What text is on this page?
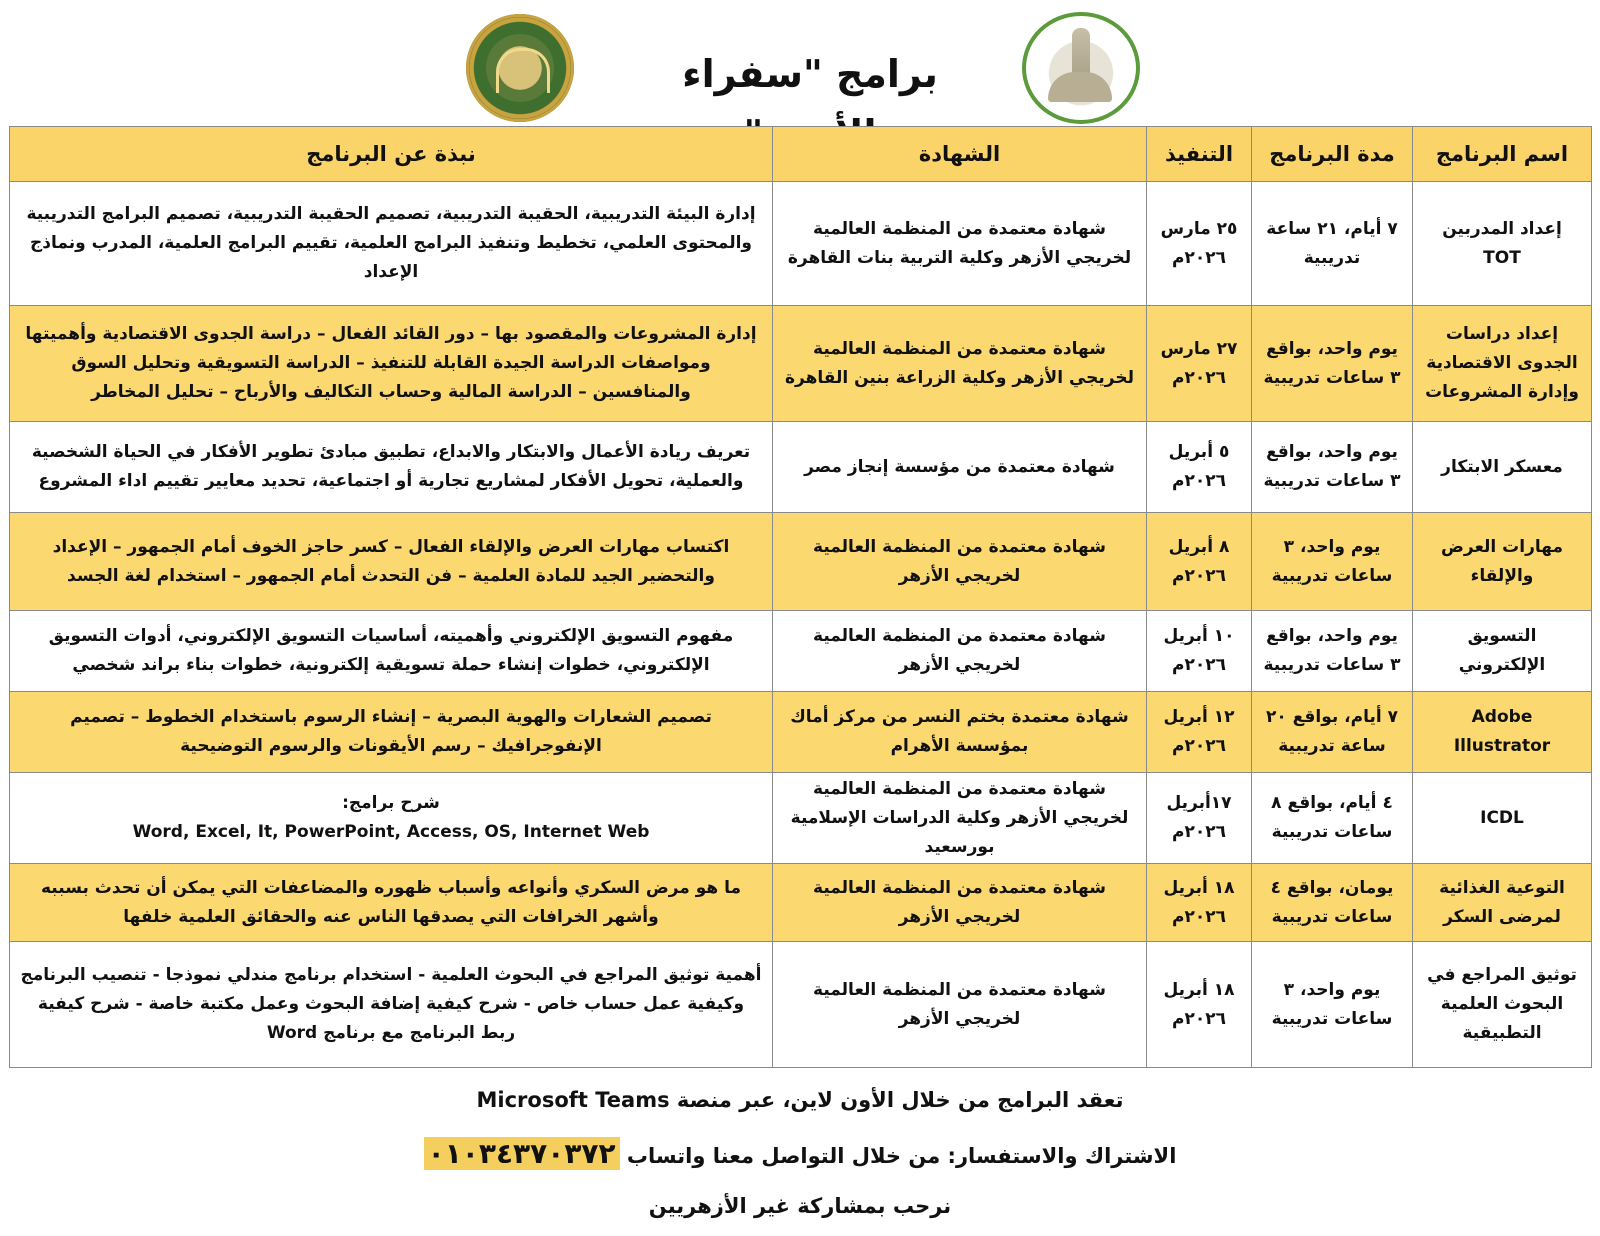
برامج "سفراء
اسم البرنامج	مدة البرنامج	التنفيذ	الشهادة	نبذة عن البرنامج
إعداد المدربين TOT	٧ أيام، ٢١ ساعة تدريبية	٢٥ مارس ٢٠٢٦م	شهادة معتمدة من المنظمة العالمية لخريجي الأزهر وكلية التربية بنات القاهرة	إدارة البيئة التدريبية، الحقيبة التدريبية، تصميم الحقيبة التدريبية، تصميم البرامج التدريبية والمحتوى العلمي، تخطيط وتنفيذ البرامج العلمية، تقييم البرامج العلمية، المدرب ونماذج الإعداد
إعداد دراسات الجدوى الاقتصادية وإدارة المشروعات	يوم واحد، بواقع ٣ ساعات تدريبية	٢٧ مارس ٢٠٢٦م	شهادة معتمدة من المنظمة العالمية لخريجي الأزهر وكلية الزراعة بنين القاهرة	إدارة المشروعات والمقصود بها – دور القائد الفعال – دراسة الجدوى الاقتصادية وأهميتها ومواصفات الدراسة الجيدة القابلة للتنفيذ – الدراسة التسويقية وتحليل السوق والمنافسين – الدراسة المالية وحساب التكاليف والأرباح – تحليل المخاطر
معسكر الابتكار	يوم واحد، بواقع ٣ ساعات تدريبية	٥ أبريل ٢٠٢٦م	شهادة معتمدة من مؤسسة إنجاز مصر	تعريف ريادة الأعمال والابتكار والابداع، تطبيق مبادئ تطوير الأفكار في الحياة الشخصية والعملية، تحويل الأفكار لمشاريع تجارية أو اجتماعية، تحديد معايير تقييم اداء المشروع
مهارات العرض والإلقاء	يوم واحد، ٣ ساعات تدريبية	٨ أبريل ٢٠٢٦م	شهادة معتمدة من المنظمة العالمية لخريجي الأزهر	اكتساب مهارات العرض والإلقاء الفعال – كسر حاجز الخوف أمام الجمهور – الإعداد والتحضير الجيد للمادة العلمية – فن التحدث أمام الجمهور – استخدام لغة الجسد
التسويق الإلكتروني	يوم واحد، بواقع ٣ ساعات تدريبية	١٠ أبريل ٢٠٢٦م	شهادة معتمدة من المنظمة العالمية لخريجي الأزهر	مفهوم التسويق الإلكتروني وأهميته، أساسيات التسويق الإلكتروني، أدوات التسويق الإلكتروني، خطوات إنشاء حملة تسويقية إلكترونية، خطوات بناء براند شخصي
Adobe Illustrator	٧ أيام، بواقع ٢٠ ساعة تدريبية	١٢ أبريل ٢٠٢٦م	شهادة معتمدة بختم النسر من مركز أماك بمؤسسة الأهرام	تصميم الشعارات والهوية البصرية – إنشاء الرسوم باستخدام الخطوط – تصميم الإنفوجرافيك – رسم الأيقونات والرسوم التوضيحية
ICDL	٤ أيام، بواقع ٨ ساعات تدريبية	١٧أبريل ٢٠٢٦م	شهادة معتمدة من المنظمة العالمية لخريجي الأزهر وكلية الدراسات الإسلامية بورسعيد	شرح برامج:
Word, Excel, It, PowerPoint, Access, OS, Internet Web

التوعية الغذائية لمرضى السكر	يومان، بواقع ٤ ساعات تدريبية	١٨ أبريل ٢٠٢٦م	شهادة معتمدة من المنظمة العالمية لخريجي الأزهر	ما هو مرض السكري وأنواعه وأسباب ظهوره والمضاعفات التي يمكن أن تحدث بسببه وأشهر الخرافات التي يصدقها الناس عنه والحقائق العلمية خلفها
توثيق المراجع في البحوث العلمية التطبيقية	يوم واحد، ٣ ساعات تدريبية	١٨ أبريل ٢٠٢٦م	شهادة معتمدة من المنظمة العالمية لخريجي الأزهر	أهمية توثيق المراجع في البحوث العلمية - استخدام برنامج مندلي نموذجا - تنصيب البرنامج وكيفية عمل حساب خاص - شرح كيفية إضافة البحوث وعمل مكتبة خاصة - شرح كيفية ربط البرنامج مع برنامج Word
تعقد البرامج من خلال الأون لاين، عبر منصة Microsoft Teams
الاشتراك والاستفسار: من خلال التواصل معنا واتساب ٠١٠٣٤٣٧٠٣٧٢
نرحب بمشاركة غير الأزهريين
